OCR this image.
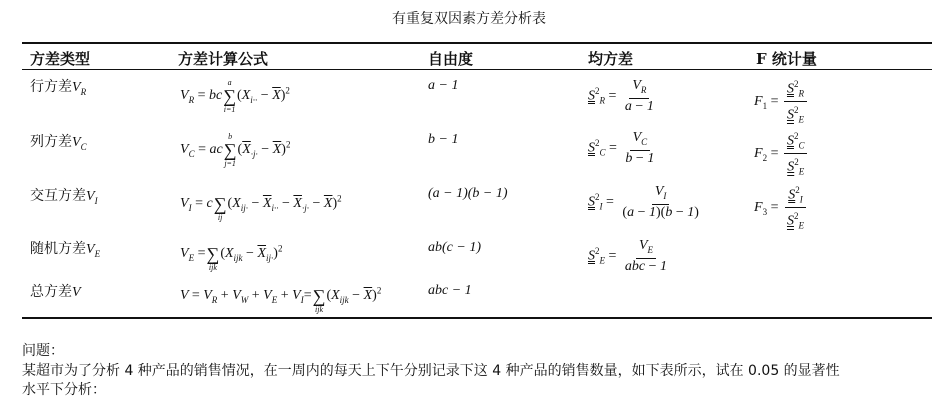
有重复双因素方差分析表
方差类型	方差计算公式	自由度	均方差	F 统计量
行方差$V_R$	$V_R$ = bc
a
∑
i=1
$(X_{i\cdot\cdot} - \overline{X})^2$	a − 1
$S^2_R = \frac{V_R}{a - 1}$	$F_1 = \frac{S^2_R}{S^2_E}$
列方差$V_C$	$V_C$ = ac
b
∑
j=1
$(\overline{X}_{\cdot j\cdot} - \overline{X})^2$	b − 1
$S^2_C = \frac{V_C}{b - 1}$	$F_2 = \frac{S^2_C}{S^2_E}$
交互方差$V_I$	$V_I = c$
∑
ij
$(X_{ij\cdot} - \overline{X}_{i\cdot\cdot} - \overline{X}_{\cdot j\cdot} - \overline{X})^2$	(a − 1)(b − 1)
$S^2_I = \frac{V_I}{(a - 1)(b - 1)}$	$F_3 = \frac{S^2_I}{S^2_E}$
随机方差$V_E$	$V_E$ =
∑
ijk
$(X_{ijk} - \overline{X}_{ij\cdot})^2$	ab(c − 1)
$S^2_E = \frac{V_E}{\text{abc − 1}}$
总方差V	$V = V_R + V_W + V_E + V_I=$
∑
ijk
$(X_{ijk} - \overline{X})^2$	abc − 1
问题：
某超市为了分析 4 种产品的销售情况，在一周内的每天上下午分别记录下这 4 种产品的销售数量，如下表所示，试在 0.05 的显著性
水平下分析：
